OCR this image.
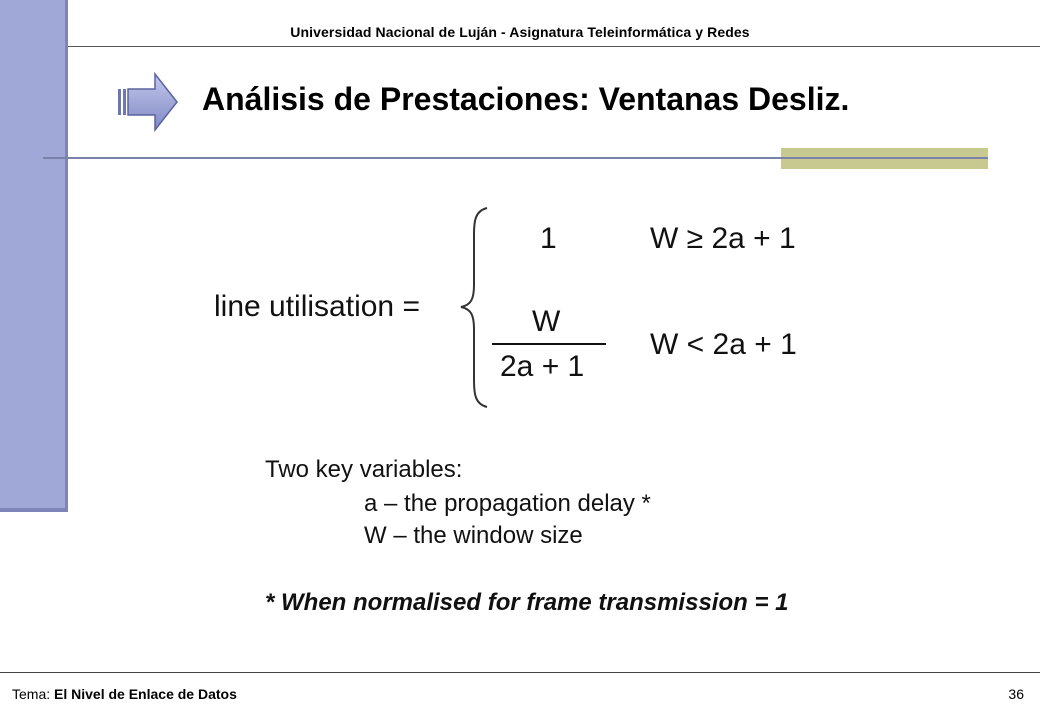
Universidad Nacional de Luján - Asignatura Teleinformática y Redes
Análisis de Prestaciones: Ventanas Desliz.
line utilisation =
1	W ≥ 2a + 1
W
2a + 1
W < 2a + 1
Two key variables:
a – the propagation delay *
W – the window size
* When normalised for frame transmission = 1
Tema: El Nivel de Enlace de Datos	36
